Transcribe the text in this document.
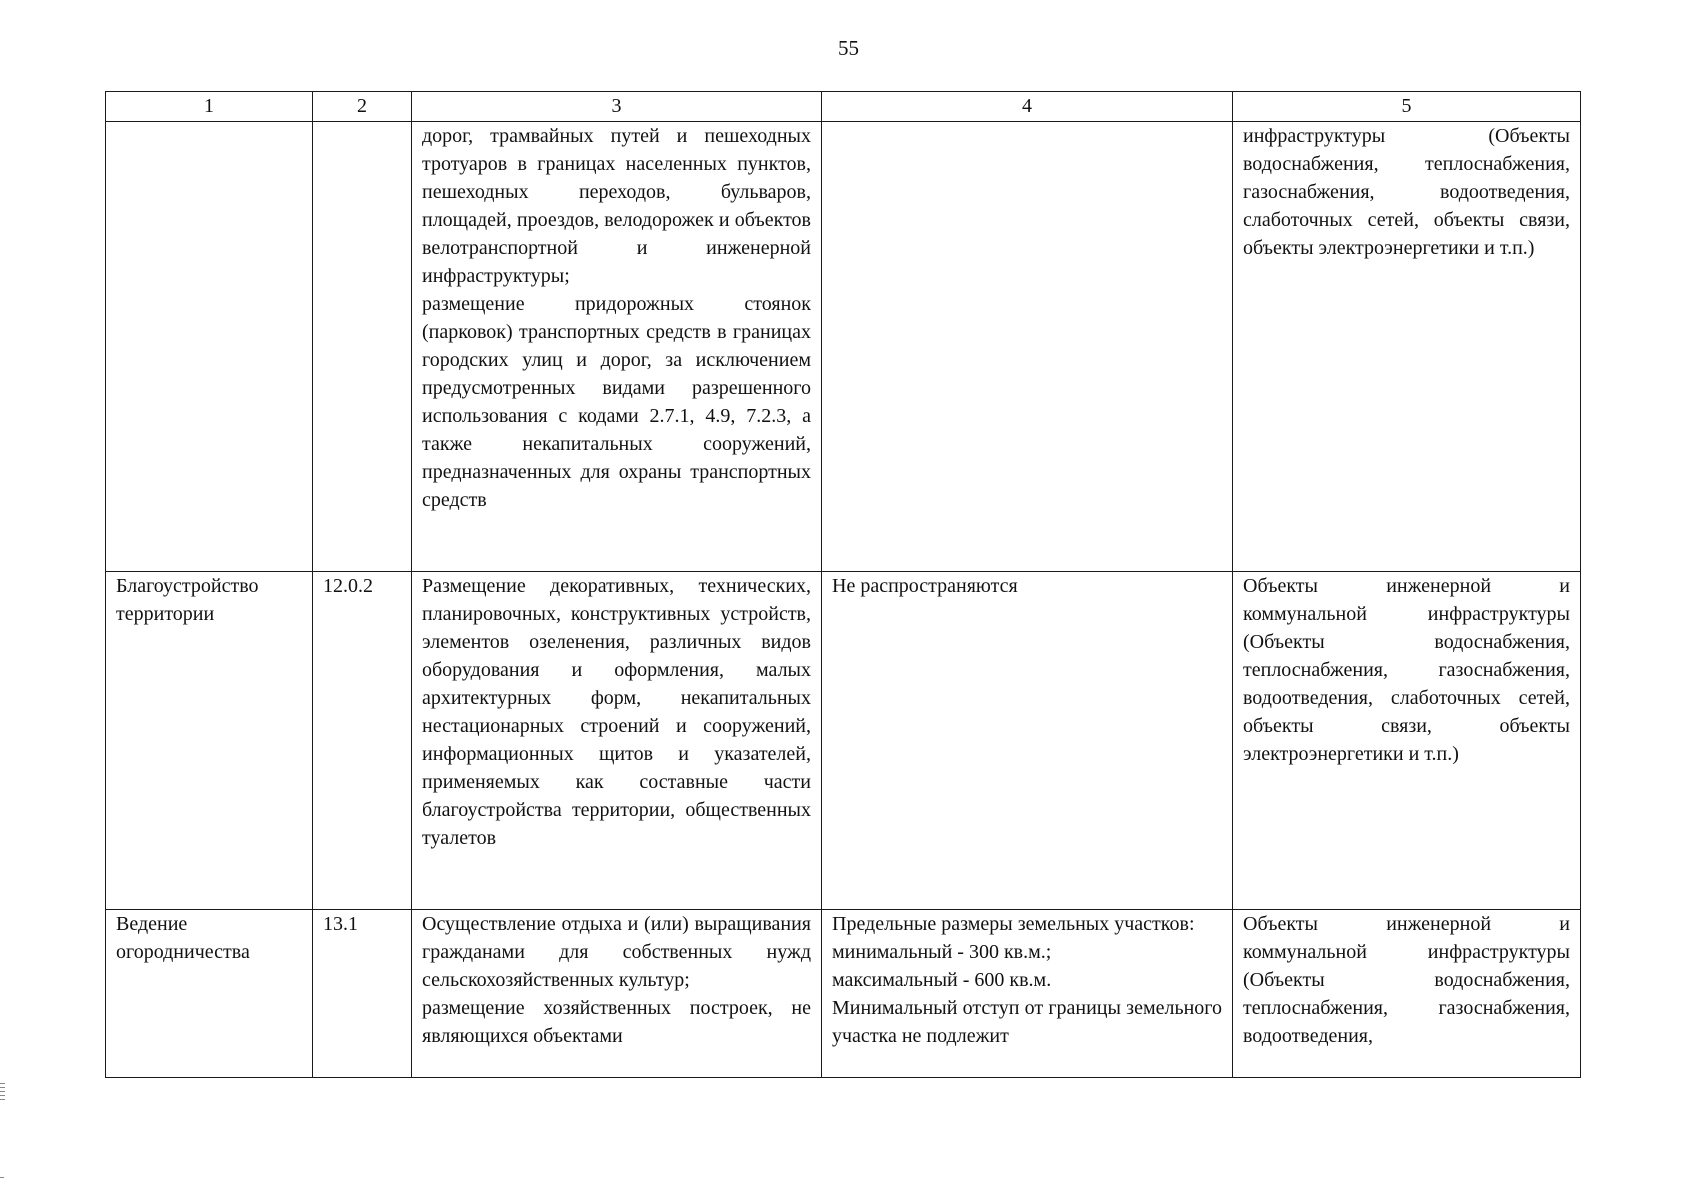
55
1	2	3	4	5

		дорог, трамвайных путей и пешеходных тротуаров в границах населенных пунктов, пешеходных переходов, бульваров, площадей, проездов, велодорожек и объектов велотранспортной и инженерной инфраструктуры;
размещение придорожных стоянок (парковок) транспортных средств в границах городских улиц и дорог, за исключением предусмотренных видами разрешенного использования с кодами 2.7.1, 4.9, 7.2.3, а также некапитальных сооружений, предназначенных для охраны транспортных средств		инфраструктуры (Объекты водоснабжения, теплоснабжения, газоснабжения, водоотведения, слаботочных сетей, объекты связи, объекты электроэнергетики и т.п.)

Благоустройство территории	12.0.2	Размещение декоративных, технических, планировочных, конструктивных устройств, элементов озеленения, различных видов оборудования и оформления, малых архитектурных форм, некапитальных нестационарных строений и сооружений, информационных щитов и указателей, применяемых как составные части благоустройства территории, общественных туалетов	Не распространяются	Объекты инженерной и коммунальной инфраструктуры (Объекты водоснабжения, теплоснабжения, газоснабжения, водоотведения, слаботочных сетей, объекты связи, объекты электроэнергетики и т.п.)

Ведение огородничества	13.1	Осуществление отдыха и (или) выращивания гражданами для собственных нужд сельскохозяйственных культур;
размещение хозяйственных построек, не являющихся объектами	Предельные размеры земельных участков:
минимальный - 300 кв.м.;
максимальный - 600 кв.м.
Минимальный отступ от границы земельного участка не подлежит	Объекты инженерной и коммунальной инфраструктуры (Объекты водоснабжения, теплоснабжения, газоснабжения, водоотведения,
